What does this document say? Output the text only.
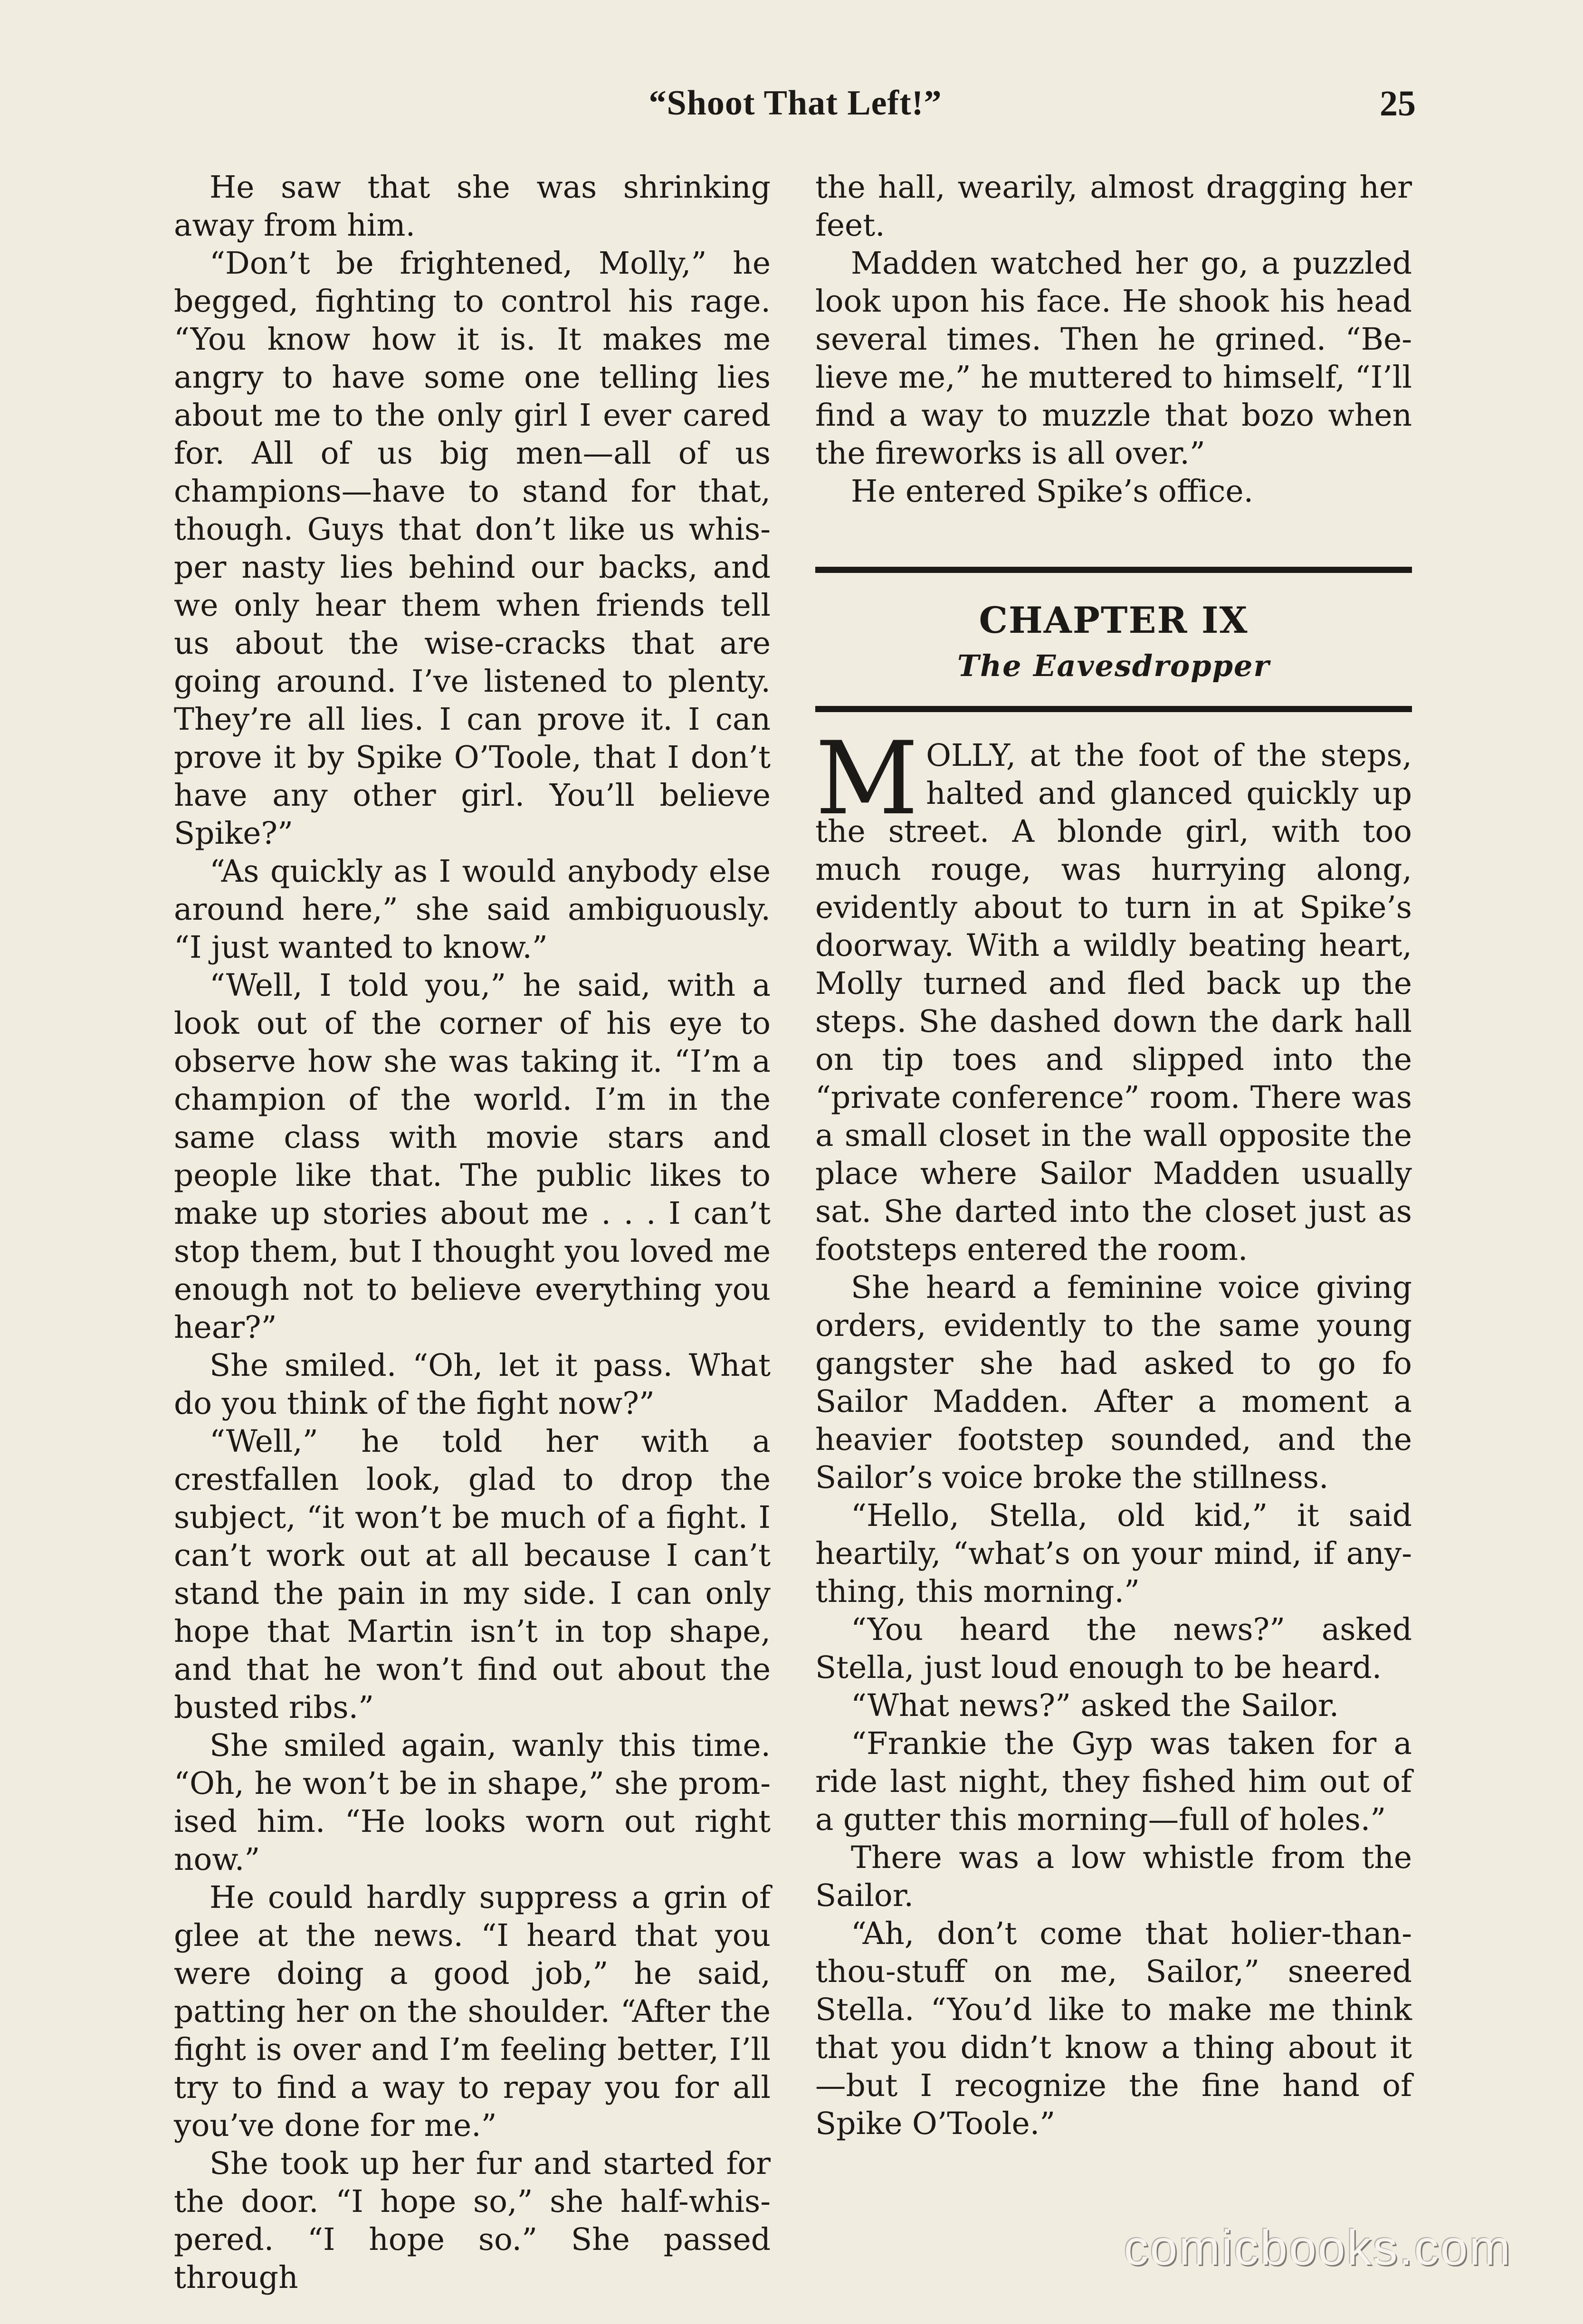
“Shoot That Left!”	25

He saw that she was shrinking away from him.

“Don’t be frightened, Molly,” he begged, fighting to control his rage. “You know how it is. It makes me angry to have some one telling lies about me to the only girl I ever cared for. All of us big men—all of us champions—have to stand for that, though. Guys that don’t like us whisper nasty lies behind our backs, and we only hear them when friends tell us about the wise-cracks that are going around. I’ve listened to plenty. They’re all lies. I can prove it. I can prove it by Spike O’Toole, that I don’t have any other girl. You’ll believe Spike?”

“As quickly as I would anybody else around here,” she said ambiguously. “I just wanted to know.”

“Well, I told you,” he said, with a look out of the corner of his eye to observe how she was taking it. “I’m a champion of the world. I’m in the same class with movie stars and people like that. The public likes to make up stories about me . . . I can’t stop them, but I thought you loved me enough not to believe everything you hear?”

She smiled. “Oh, let it pass. What do you think of the fight now?”

“Well,” he told her with a crestfallen look, glad to drop the subject, “it won’t be much of a fight. I can’t work out at all because I can’t stand the pain in my side. I can only hope that Martin isn’t in top shape, and that he won’t find out about the busted ribs.”

She smiled again, wanly this time. “Oh, he won’t be in shape,” she promised him. “He looks worn out right now.”

He could hardly suppress a grin of glee at the news. “I heard that you were doing a good job,” he said, patting her on the shoulder. “After the fight is over and I’m feeling better, I’ll try to find a way to repay you for all you’ve done for me.”

She took up her fur and started for the door. “I hope so,” she half-whispered. “I hope so.” She passed through

the hall, wearily, almost dragging her feet.

Madden watched her go, a puzzled look upon his face. He shook his head several times. Then he grined. “Believe me,” he muttered to himself, “I’ll find a way to muzzle that bozo when the fireworks is all over.”

He entered Spike’s office.

CHAPTER IX
The Eavesdropper

MOLLY, at the foot of the steps, halted and glanced quickly up the street. A blonde girl, with too much rouge, was hurrying along, evidently about to turn in at Spike’s doorway. With a wildly beating heart, Molly turned and fled back up the steps. She dashed down the dark hall on tip toes and slipped into the “private conference” room. There was a small closet in the wall opposite the place where Sailor Madden usually sat. She darted into the closet just as footsteps entered the room.

She heard a feminine voice giving orders, evidently to the same young gangster she had asked to go fo Sailor Madden. After a moment a heavier footstep sounded, and the Sailor’s voice broke the stillness.

“Hello, Stella, old kid,” it said heartily, “what’s on your mind, if anything, this morning.”

“You heard the news?” asked Stella, just loud enough to be heard.

“What news?” asked the Sailor.

“Frankie the Gyp was taken for a ride last night, they fished him out of a gutter this morning—full of holes.”

There was a low whistle from the Sailor.

“Ah, don’t come that holier-than-thou-stuff on me, Sailor,” sneered Stella. “You’d like to make me think that you didn’t know a thing about it—but I recognize the fine hand of Spike O’Toole.”

comicbooks.com
